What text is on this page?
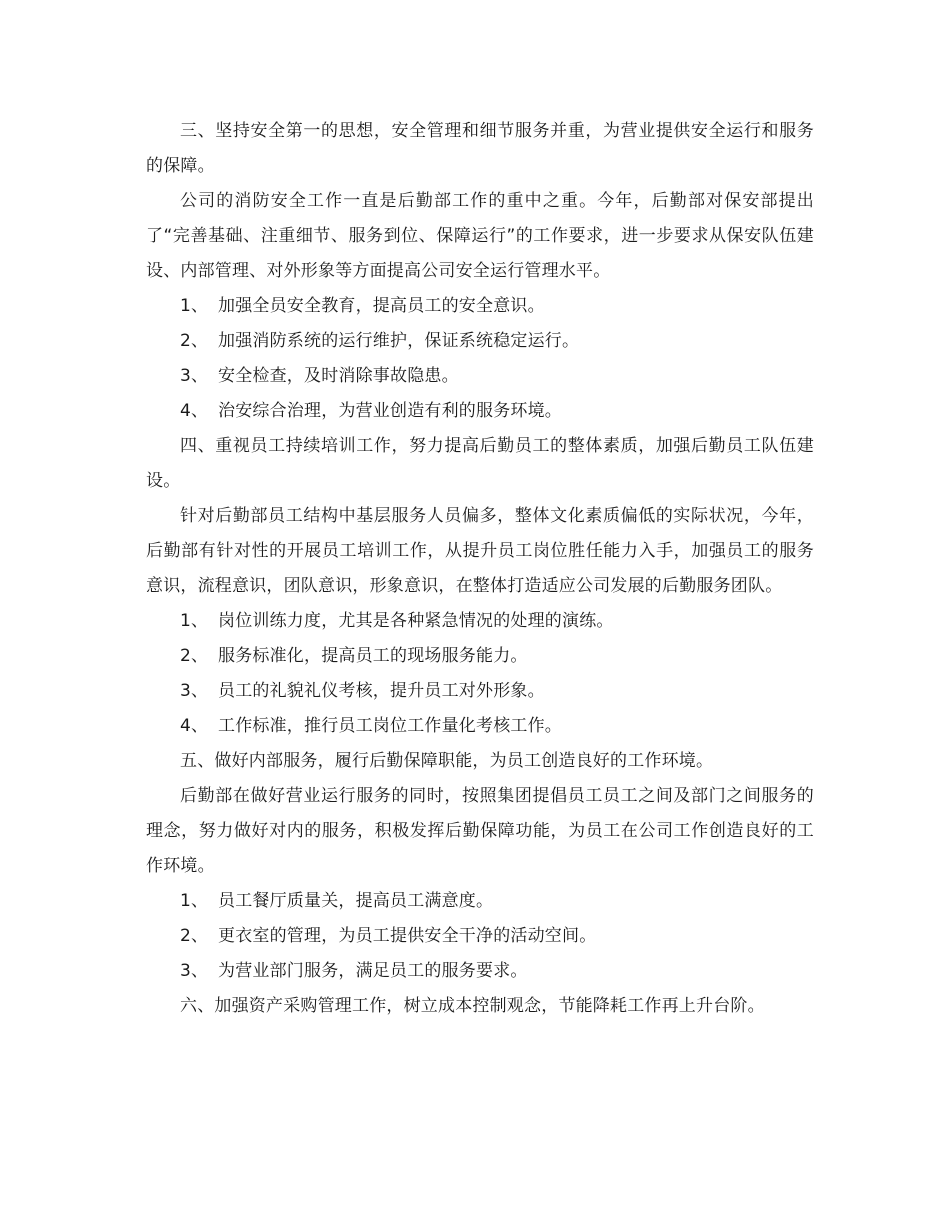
三、坚持安全第一的思想，安全管理和细节服务并重，为营业提供安全运行和服务的保障。

公司的消防安全工作一直是后勤部工作的重中之重。今年，后勤部对保安部提出了“完善基础、注重细节、服务到位、保障运行”的工作要求，进一步要求从保安队伍建设、内部管理、对外形象等方面提高公司安全运行管理水平。

1、 加强全员安全教育，提高员工的安全意识。

2、 加强消防系统的运行维护，保证系统稳定运行。

3、 安全检查，及时消除事故隐患。

4、 治安综合治理，为营业创造有利的服务环境。

四、重视员工持续培训工作，努力提高后勤员工的整体素质，加强后勤员工队伍建设。

针对后勤部员工结构中基层服务人员偏多，整体文化素质偏低的实际状况，今年，后勤部有针对性的开展员工培训工作，从提升员工岗位胜任能力入手，加强员工的服务意识，流程意识，团队意识，形象意识，在整体打造适应公司发展的后勤服务团队。

1、 岗位训练力度，尤其是各种紧急情况的处理的演练。

2、 服务标准化，提高员工的现场服务能力。

3、 员工的礼貌礼仪考核，提升员工对外形象。

4、 工作标准，推行员工岗位工作量化考核工作。

五、做好内部服务，履行后勤保障职能，为员工创造良好的工作环境。

后勤部在做好营业运行服务的同时，按照集团提倡员工员工之间及部门之间服务的理念，努力做好对内的服务，积极发挥后勤保障功能，为员工在公司工作创造良好的工作环境。

1、 员工餐厅质量关，提高员工满意度。

2、 更衣室的管理，为员工提供安全干净的活动空间。

3、 为营业部门服务，满足员工的服务要求。

六、加强资产采购管理工作，树立成本控制观念，节能降耗工作再上升台阶。
